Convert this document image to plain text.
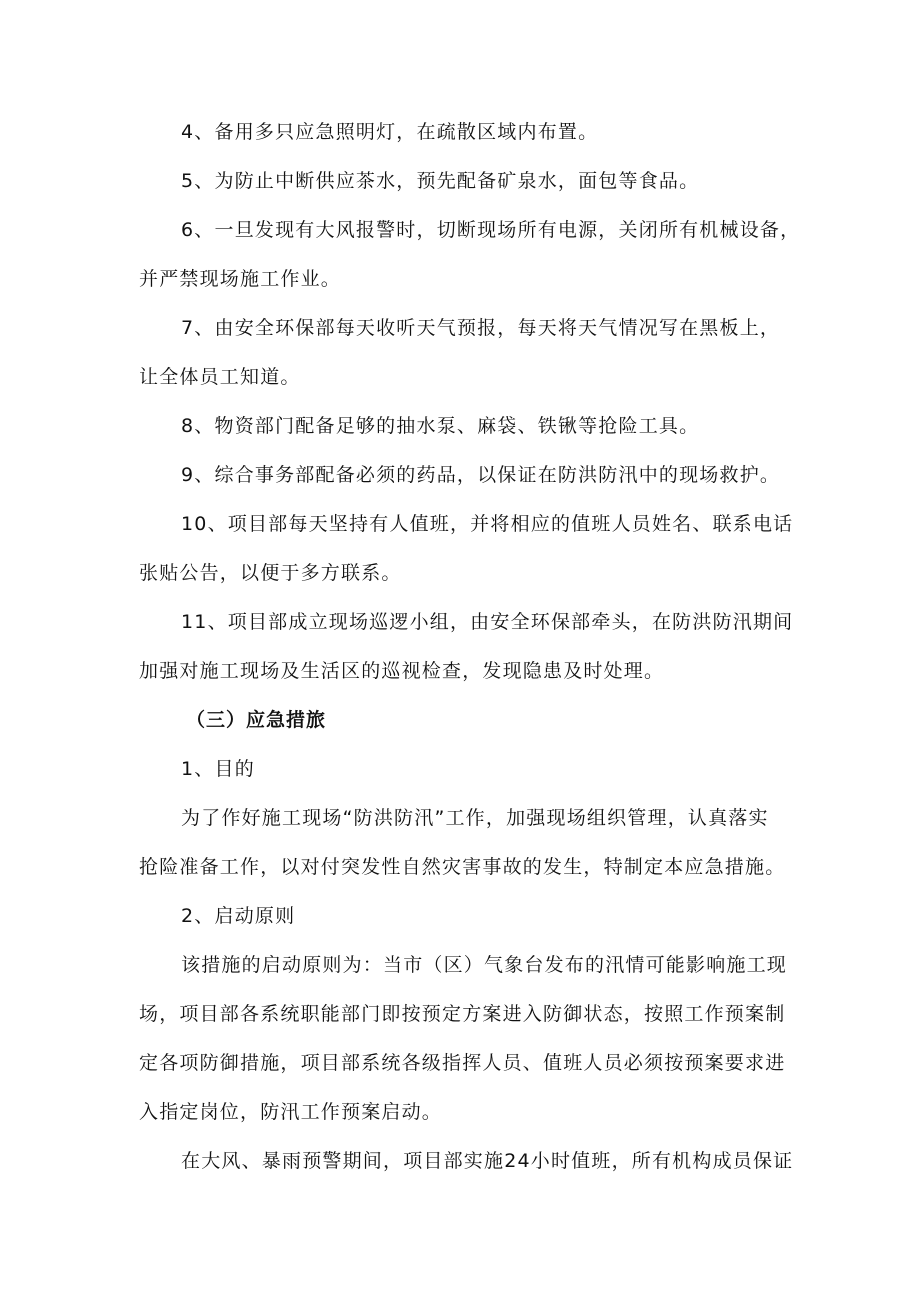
4、备用多只应急照明灯，在疏散区域内布置。
5、为防止中断供应茶水，预先配备矿泉水，面包等食品。
6、一旦发现有大风报警时，切断现场所有电源，关闭所有机械设备，
并严禁现场施工作业。
7、由安全环保部每天收听天气预报，每天将天气情况写在黑板上，
让全体员工知道。
8、物资部门配备足够的抽水泵、麻袋、铁锹等抢险工具。
9、综合事务部配备必须的药品，以保证在防洪防汛中的现场救护。
10、项目部每天坚持有人值班，并将相应的值班人员姓名、联系电话
张贴公告，以便于多方联系。
11、项目部成立现场巡逻小组，由安全环保部牵头，在防洪防汛期间
加强对施工现场及生活区的巡视检查，发现隐患及时处理。
（三）应急措旅
1、目的
为了作好施工现场“防洪防汛”工作，加强现场组织管理，认真落实
抢险准备工作，以对付突发性自然灾害事故的发生，特制定本应急措施。
2、启动原则
该措施的启动原则为：当市（区）气象台发布的汛情可能影响施工现
场，项目部各系统职能部门即按预定方案进入防御状态，按照工作预案制
定各项防御措施，项目部系统各级指挥人员、值班人员必须按预案要求进
入指定岗位，防汛工作预案启动。
在大风、暴雨预警期间，项目部实施24小时值班，所有机构成员保证
